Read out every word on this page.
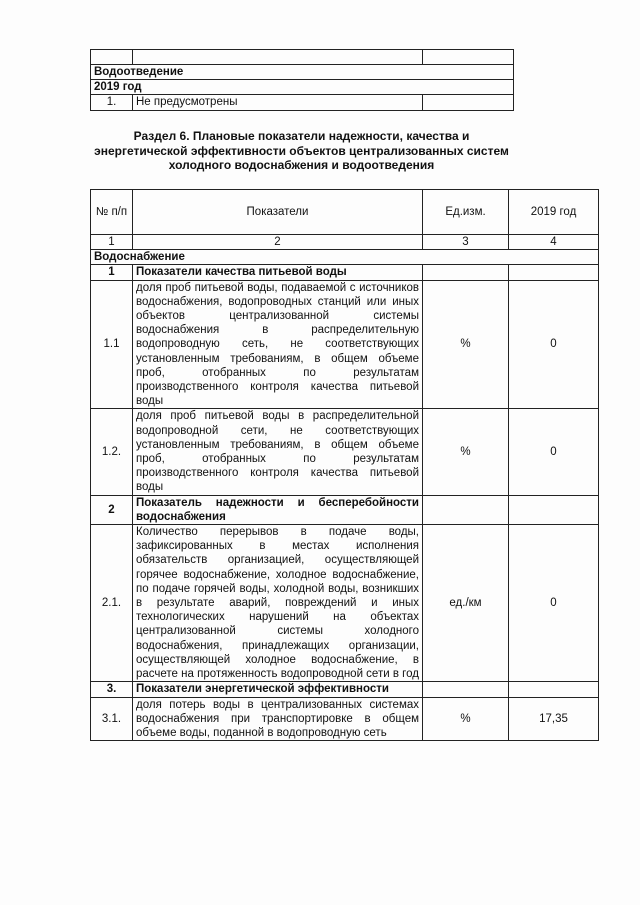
Водоотведение		
2019 год		
1.	Не предусмотрены	
Раздел 6. Плановые показатели надежности, качества и энергетической эффективности объектов централизованных систем холодного водоснабжения и водоотведения
№ п/п	Показатели	Ед.изм.	2019 год
1	2	3	4
Водоснабжение			
1	Показатели качества питьевой воды		
1.1	доля проб питьевой воды, подаваемой с источников водоснабжения, водопроводных станций или иных объектов централизованной системы водоснабжения в распределительную водопроводную сеть, не соответствующих установленным требованиям, в общем объеме проб, отобранных по результатам производственного контроля качества питьевой воды	%	0
1.2.	доля проб питьевой воды в распределительной водопроводной сети, не соответствующих установленным требованиям, в общем объеме проб, отобранных по результатам производственного контроля качества питьевой воды	%	0
2	Показатель надежности и бесперебойности водоснабжения		
2.1.	Количество перерывов в подаче воды, зафиксированных в местах исполнения обязательств организацией, осуществляющей горячее водоснабжение, холодное водоснабжение, по подаче горячей воды, холодной воды, возникших в результате аварий, повреждений и иных технологических нарушений на объектах централизованной системы холодного водоснабжения, принадлежащих организации, осуществляющей холодное водоснабжение, в расчете на протяженность водопроводной сети в год	ед./км	0
3.	Показатели энергетической эффективности		
3.1.	доля потерь воды в централизованных системах водоснабжения при транспортировке в общем объеме воды, поданной в водопроводную сеть	%	17,35
